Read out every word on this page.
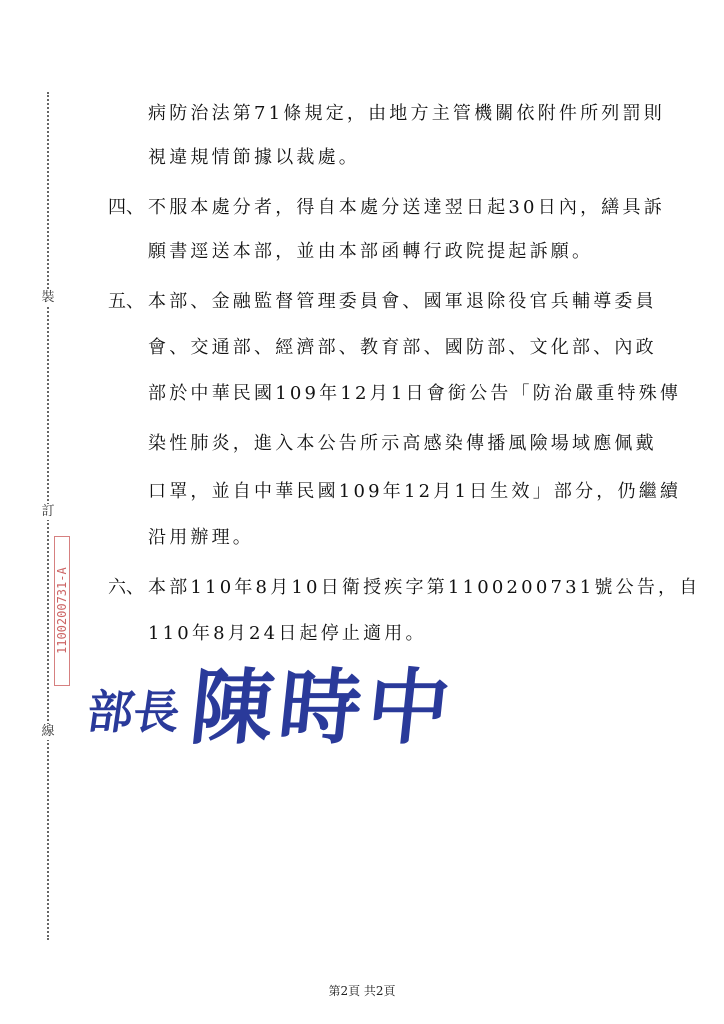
裝
訂
線
1100200731-A
病防治法第71條規定，由地方主管機關依附件所列罰則
視違規情節據以裁處。
四、 不服本處分者，得自本處分送達翌日起30日內，繕具訴
願書逕送本部，並由本部函轉行政院提起訴願。
五、 本部、金融監督管理委員會、國軍退除役官兵輔導委員
會、交通部、經濟部、教育部、國防部、文化部、內政
部於中華民國109年12月1日會銜公告「防治嚴重特殊傳
染性肺炎，進入本公告所示高感染傳播風險場域應佩戴
口罩，並自中華民國109年12月1日生效」部分，仍繼續
沿用辦理。
六、 本部110年8月10日衛授疾字第1100200731號公告，自
110年8月24日起停止適用。
部長 陳時中
第2頁 共2頁
